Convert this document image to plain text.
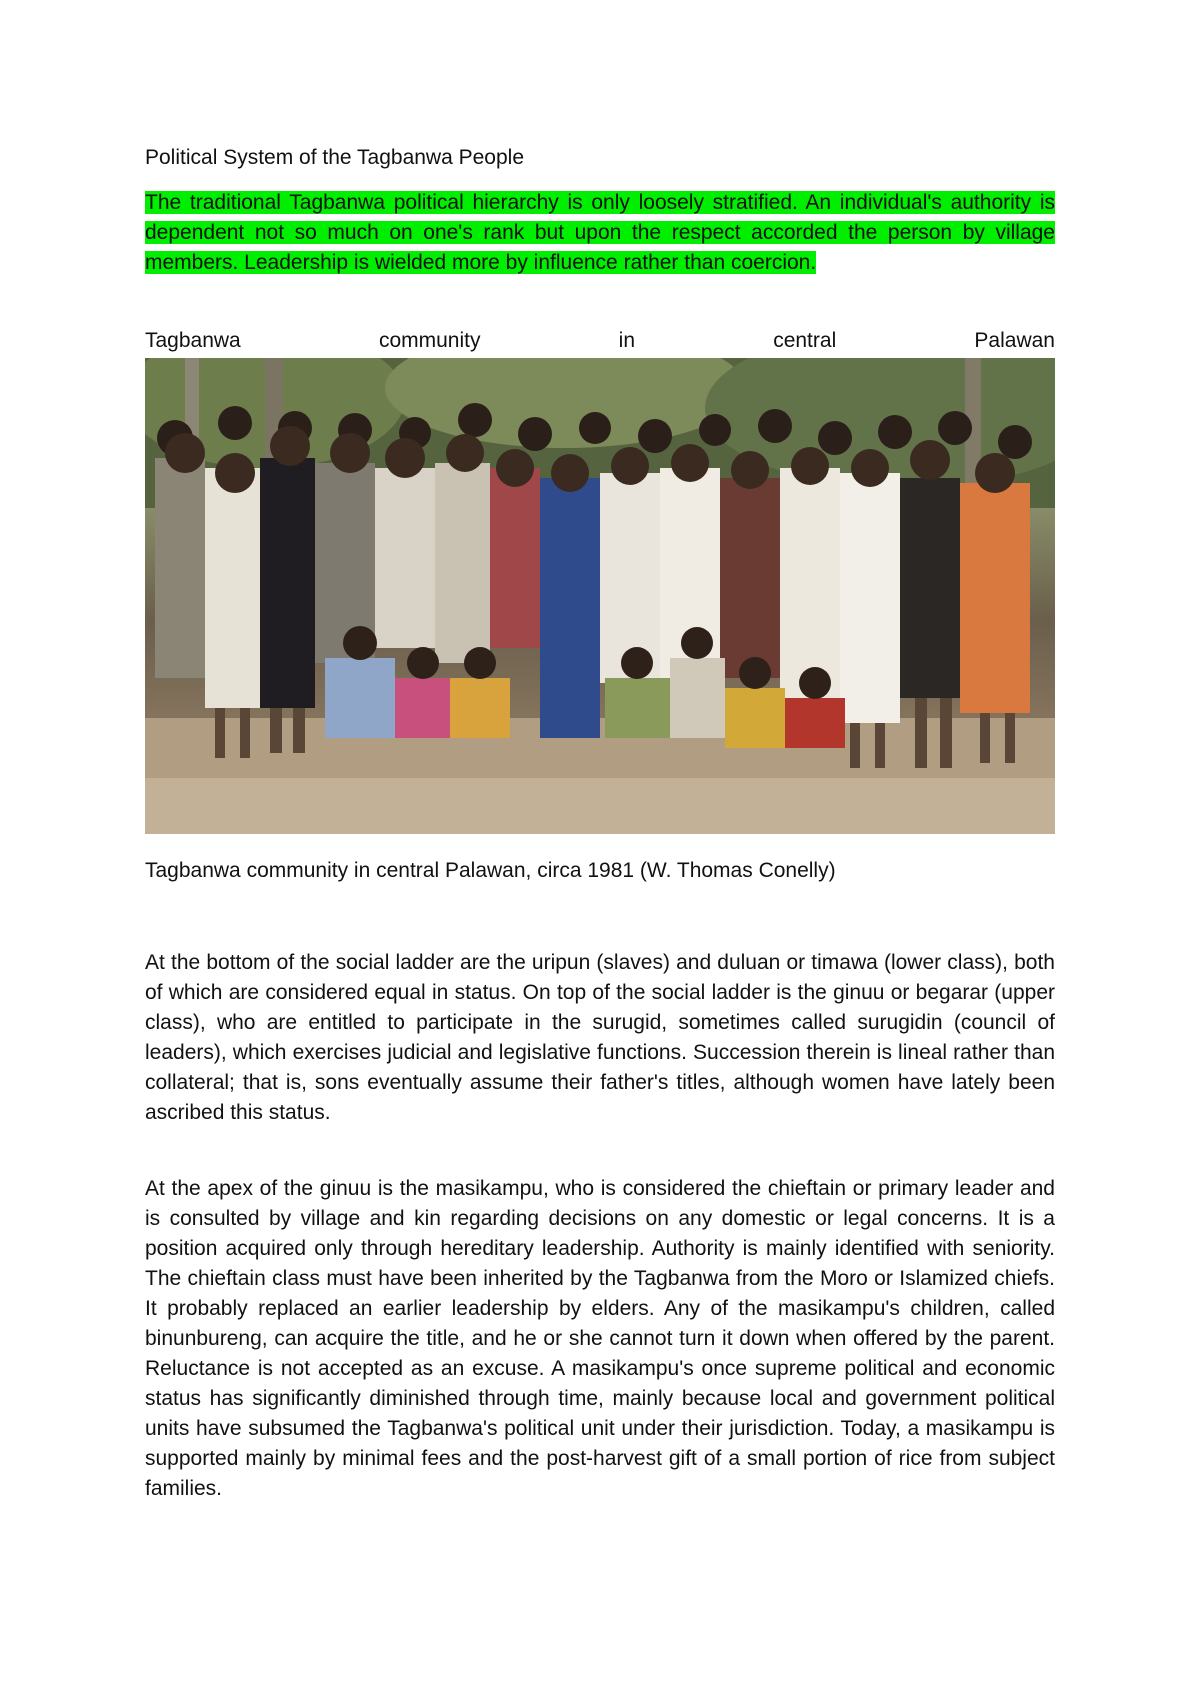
Political System of the Tagbanwa People
The traditional Tagbanwa political hierarchy is only loosely stratified. An individual's authority is dependent not so much on one's rank but upon the respect accorded the person by village members. Leadership is wielded more by influence rather than coercion.
Tagbanwa	community	in	central	Palawan
Tagbanwa community in central Palawan, circa 1981 (W. Thomas Conelly)
At the bottom of the social ladder are the uripun (slaves) and duluan or timawa (lower class), both of which are considered equal in status. On top of the social ladder is the ginuu or begarar (upper class), who are entitled to participate in the surugid, sometimes called surugidin (council of leaders), which exercises judicial and legislative functions. Succession therein is lineal rather than collateral; that is, sons eventually assume their father's titles, although women have lately been ascribed this status.
At the apex of the ginuu is the masikampu, who is considered the chieftain or primary leader and is consulted by village and kin regarding decisions on any domestic or legal concerns. It is a position acquired only through hereditary leadership. Authority is mainly identified with seniority. The chieftain class must have been inherited by the Tagbanwa from the Moro or Islamized chiefs. It probably replaced an earlier leadership by elders. Any of the masikampu's children, called binunbureng, can acquire the title, and he or she cannot turn it down when offered by the parent. Reluctance is not accepted as an excuse. A masikampu's once supreme political and economic status has significantly diminished through time, mainly because local and government political units have subsumed the Tagbanwa's political unit under their jurisdiction. Today, a masikampu is supported mainly by minimal fees and the post-harvest gift of a small portion of rice from subject families.
